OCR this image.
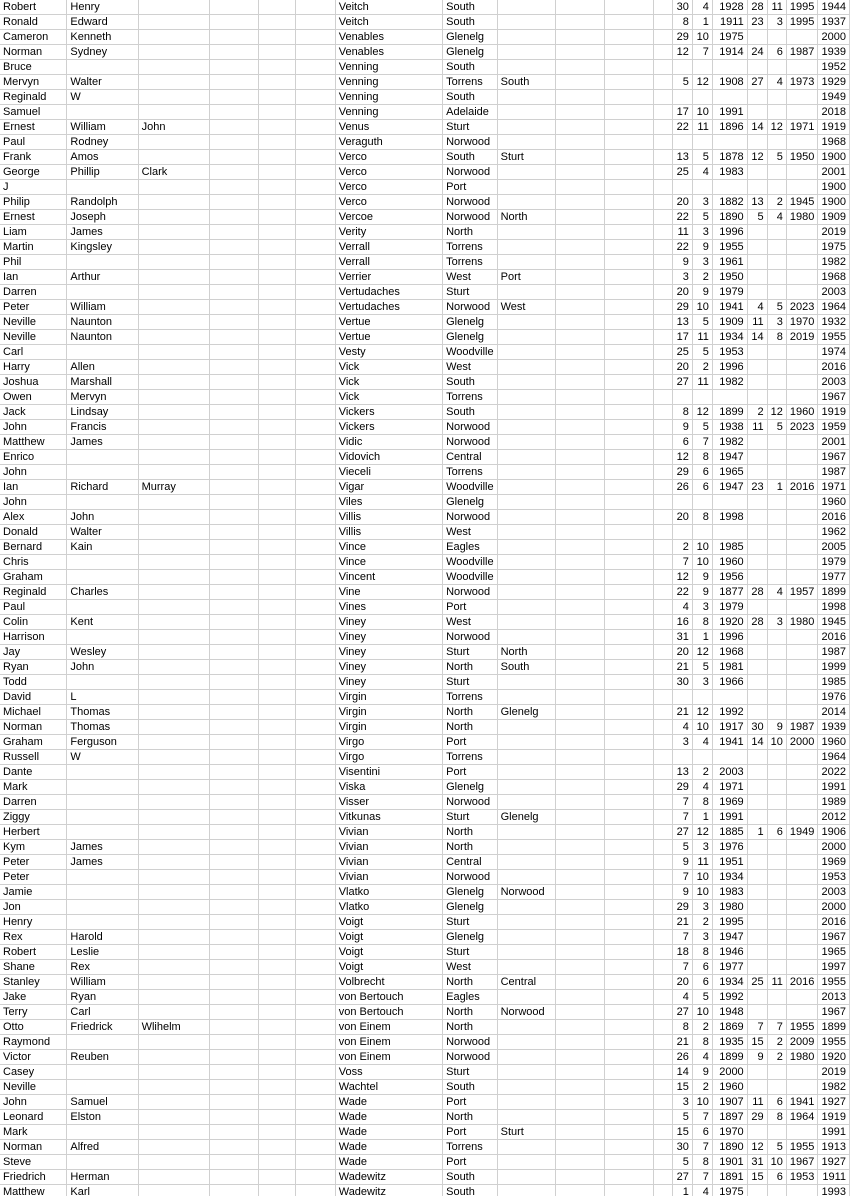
Robert	Henry					Veitch	South					30	4	1928	28	11	1995	1944
Ronald	Edward					Veitch	South					8	1	1911	23	3	1995	1937
Cameron	Kenneth					Venables	Glenelg					29	10	1975				2000
Norman	Sydney					Venables	Glenelg					12	7	1914	24	6	1987	1939
Bruce						Venning	South											1952
Mervyn	Walter					Venning	Torrens	South				5	12	1908	27	4	1973	1929
Reginald	W					Venning	South											1949
Samuel						Venning	Adelaide					17	10	1991				2018
Ernest	William	John				Venus	Sturt					22	11	1896	14	12	1971	1919
Paul	Rodney					Veraguth	Norwood											1968
Frank	Amos					Verco	South	Sturt				13	5	1878	12	5	1950	1900
George	Phillip	Clark				Verco	Norwood					25	4	1983				2001
J						Verco	Port											1900
Philip	Randolph					Verco	Norwood					20	3	1882	13	2	1945	1900
Ernest	Joseph					Vercoe	Norwood	North				22	5	1890	5	4	1980	1909
Liam	James					Verity	North					11	3	1996				2019
Martin	Kingsley					Verrall	Torrens					22	9	1955				1975
Phil						Verrall	Torrens					9	3	1961				1982
Ian	Arthur					Verrier	West	Port				3	2	1950				1968
Darren						Vertudaches	Sturt					20	9	1979				2003
Peter	William					Vertudaches	Norwood	West				29	10	1941	4	5	2023	1964
Neville	Naunton					Vertue	Glenelg					13	5	1909	11	3	1970	1932
Neville	Naunton					Vertue	Glenelg					17	11	1934	14	8	2019	1955
Carl						Vesty	Woodville					25	5	1953				1974
Harry	Allen					Vick	West					20	2	1996				2016
Joshua	Marshall					Vick	South					27	11	1982				2003
Owen	Mervyn					Vick	Torrens											1967
Jack	Lindsay					Vickers	South					8	12	1899	2	12	1960	1919
John	Francis					Vickers	Norwood					9	5	1938	11	5	2023	1959
Matthew	James					Vidic	Norwood					6	7	1982				2001
Enrico						Vidovich	Central					12	8	1947				1967
John						Vieceli	Torrens					29	6	1965				1987
Ian	Richard	Murray				Vigar	Woodville					26	6	1947	23	1	2016	1971
John						Viles	Glenelg											1960
Alex	John					Villis	Norwood					20	8	1998				2016
Donald	Walter					Villis	West											1962
Bernard	Kain					Vince	Eagles					2	10	1985				2005
Chris						Vince	Woodville					7	10	1960				1979
Graham						Vincent	Woodville					12	9	1956				1977
Reginald	Charles					Vine	Norwood					22	9	1877	28	4	1957	1899
Paul						Vines	Port					4	3	1979				1998
Colin	Kent					Viney	West					16	8	1920	28	3	1980	1945
Harrison						Viney	Norwood					31	1	1996				2016
Jay	Wesley					Viney	Sturt	North				20	12	1968				1987
Ryan	John					Viney	North	South				21	5	1981				1999
Todd						Viney	Sturt					30	3	1966				1985
David	L					Virgin	Torrens											1976
Michael	Thomas					Virgin	North	Glenelg				21	12	1992				2014
Norman	Thomas					Virgin	North					4	10	1917	30	9	1987	1939
Graham	Ferguson					Virgo	Port					3	4	1941	14	10	2000	1960
Russell	W					Virgo	Torrens											1964
Dante						Visentini	Port					13	2	2003				2022
Mark						Viska	Glenelg					29	4	1971				1991
Darren						Visser	Norwood					7	8	1969				1989
Ziggy						Vitkunas	Sturt	Glenelg				7	1	1991				2012
Herbert						Vivian	North					27	12	1885	1	6	1949	1906
Kym	James					Vivian	North					5	3	1976				2000
Peter	James					Vivian	Central					9	11	1951				1969
Peter						Vivian	Norwood					7	10	1934				1953
Jamie						Vlatko	Glenelg	Norwood				9	10	1983				2003
Jon						Vlatko	Glenelg					29	3	1980				2000
Henry						Voigt	Sturt					21	2	1995				2016
Rex	Harold					Voigt	Glenelg					7	3	1947				1967
Robert	Leslie					Voigt	Sturt					18	8	1946				1965
Shane	Rex					Voigt	West					7	6	1977				1997
Stanley	William					Volbrecht	North	Central				20	6	1934	25	11	2016	1955
Jake	Ryan					von Bertouch	Eagles					4	5	1992				2013
Terry	Carl					von Bertouch	North	Norwood				27	10	1948				1967
Otto	Friedrick	Wlihelm				von Einem	North					8	2	1869	7	7	1955	1899
Raymond						von Einem	Norwood					21	8	1935	15	2	2009	1955
Victor	Reuben					von Einem	Norwood					26	4	1899	9	2	1980	1920
Casey						Voss	Sturt					14	9	2000				2019
Neville						Wachtel	South					15	2	1960				1982
John	Samuel					Wade	Port					3	10	1907	11	6	1941	1927
Leonard	Elston					Wade	North					5	7	1897	29	8	1964	1919
Mark						Wade	Port	Sturt				15	6	1970				1991
Norman	Alfred					Wade	Torrens					30	7	1890	12	5	1955	1913
Steve						Wade	Port					5	8	1901	31	10	1967	1927
Friedrich	Herman					Wadewitz	South					27	7	1891	15	6	1953	1911
Matthew	Karl					Wadewitz	South					1	4	1975				1993
